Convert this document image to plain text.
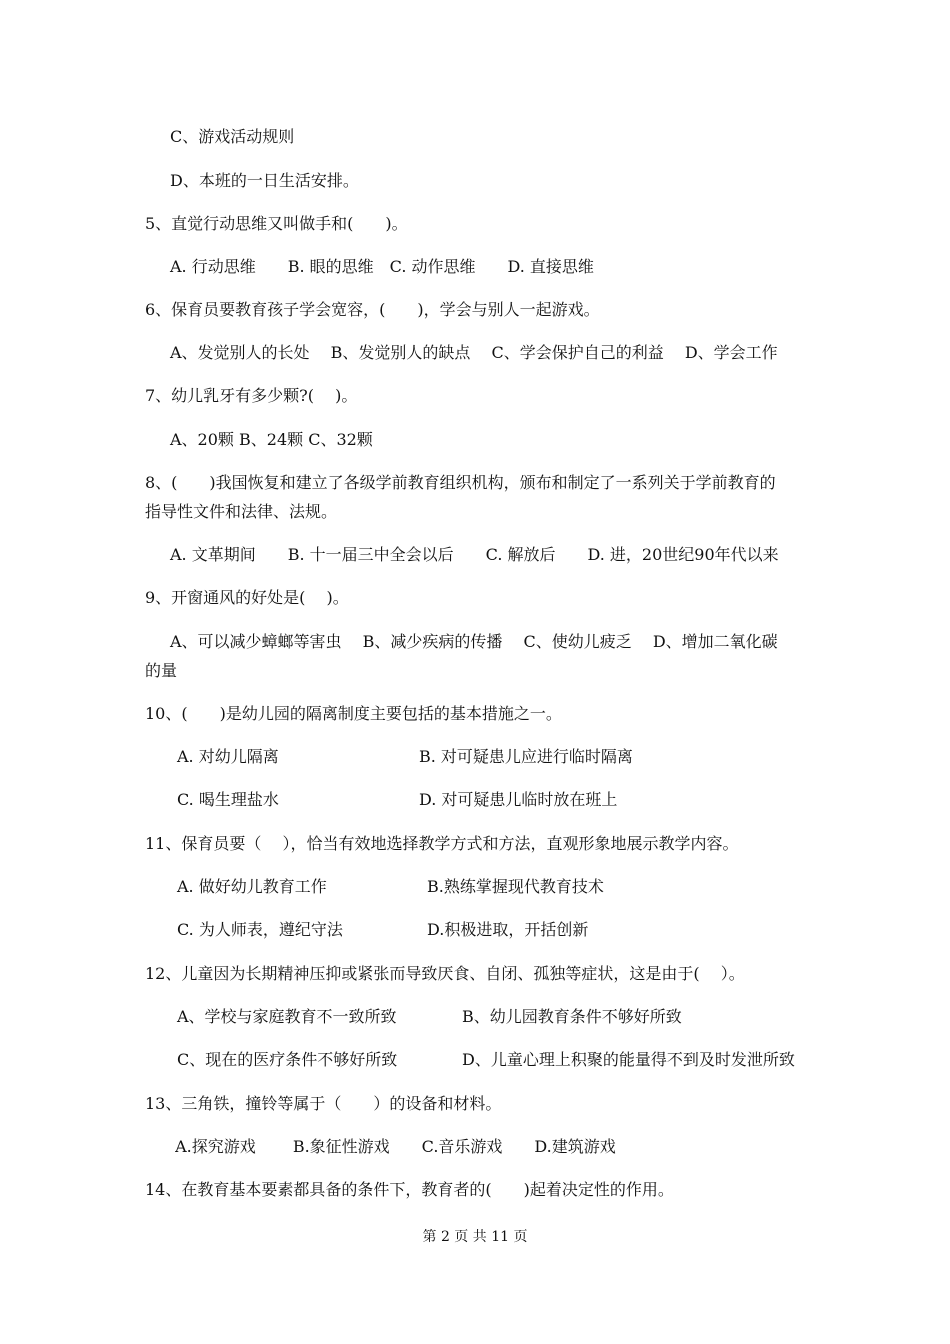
C、游戏活动规则
D、本班的一日生活安排。
5、直觉行动思维又叫做手和(　　)。
A. 行动思维　　B. 眼的思维　C. 动作思维　　D. 直接思维
6、保育员要教育孩子学会宽容，(　　)，学会与别人一起游戏。
A、发觉别人的长处　 B、发觉别人的缺点　 C、学会保护自己的利益　 D、学会工作
7、幼儿乳牙有多少颗?(　 )。
A、20颗 B、24颗 C、32颗
8、(　　)我国恢复和建立了各级学前教育组织机构，颁布和制定了一系列关于学前教育的
指导性文件和法律、法规。
A. 文革期间　　B. 十一届三中全会以后　　C. 解放后　　D. 进，20世纪90年代以来
9、开窗通风的好处是(　 )。
A、可以减少蟑螂等害虫　 B、减少疾病的传播　 C、使幼儿疲乏　 D、增加二氧化碳
的量
10、(　　)是幼儿园的隔离制度主要包括的基本措施之一。
A. 对幼儿隔离	B. 对可疑患儿应进行临时隔离
C. 喝生理盐水	D. 对可疑患儿临时放在班上
11、保育员要（　 ），恰当有效地选择教学方式和方法，直观形象地展示教学内容。
A. 做好幼儿教育工作	B.熟练掌握现代教育技术
C. 为人师表，遵纪守法	D.积极进取，开括创新
12、儿童因为长期精神压抑或紧张而导致厌食、自闭、孤独等症状，这是由于(　 ）。
A、学校与家庭教育不一致所致	B、幼儿园教育条件不够好所致
C、现在的医疗条件不够好所致	D、儿童心理上积聚的能量得不到及时发泄所致
13、三角铁，撞铃等属于（　　）的设备和材料。
A.探究游戏　　 B.象征性游戏　　C.音乐游戏　　D.建筑游戏
14、在教育基本要素都具备的条件下，教育者的(　　)起着决定性的作用。
第 2 页 共 11 页
